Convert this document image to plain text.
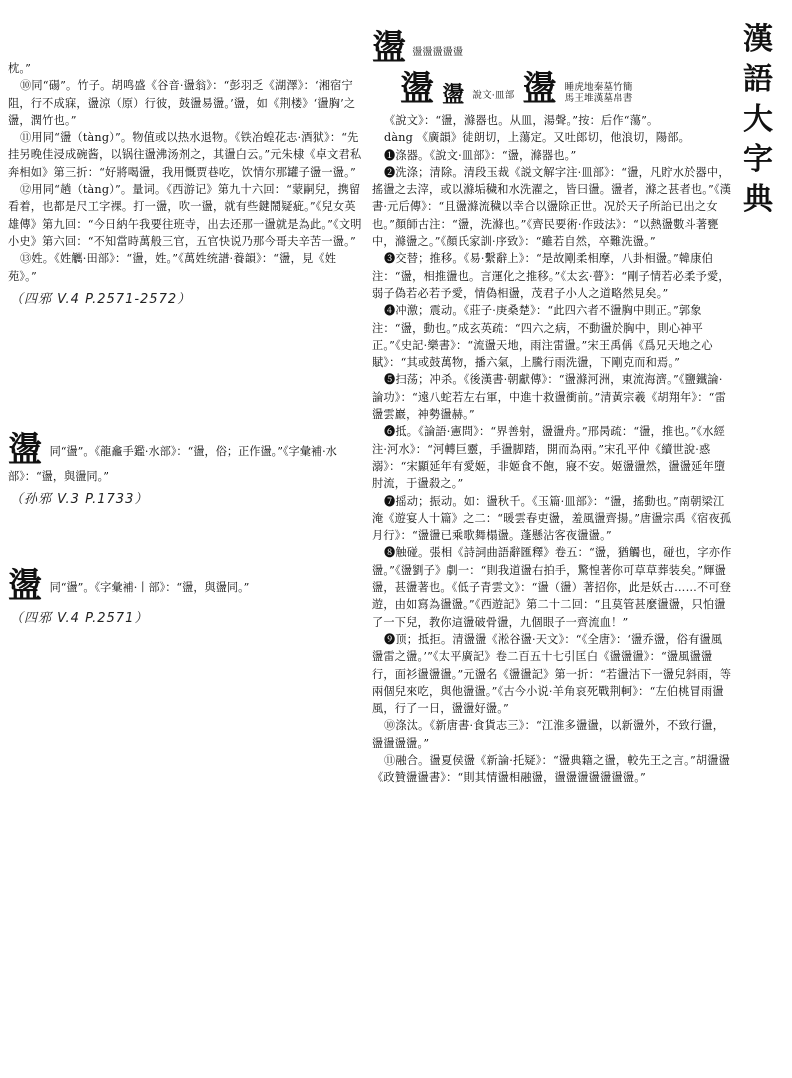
漢
語
大
字
典

枕。”

⑩同“碭”。竹子。胡鸣盛《谷音·盪翁》：“彭羽乏《湖澤》：‘湘宿宁阻，行不成寐，盪涼（原）行彼，鼓盪易盪。’盪，如《荆楼》‘盪胸’之盪，潤竹也。”

⑪用同“盪（tàng）”。物值或以热水退物。《铁冶蝗花志·酒狱》：“先挂另晚佳浸成碗酱，以锅往盪沸汤剂之，其盪白云。”元朱棣《卓文君私奔相如》第三折：“好將喝盪，我用慨贾巷吃，饮情尔那罐子盪一盪。”

⑫用同“趟（tàng）”。量词。《西游记》第九十六回：“蒙嗣兒，携留看着，也都是尺工字裸。打一盪，吹一盪，就有些鍵鬧疑疵。”《兒女英雄傳》第九回：“今日納午我要往班寺，出去还那一盪就是為此。”《文明小史》第六回：“不知當時萬般三官，五官快说乃那今哥夫辛苦一盪。”

⑬姓。《姓觽·田部》：“盪，姓。”《萬姓统譜·養韻》：“盪，見《姓苑》。”

（四邪 V.4 P.2571-2572）

盪 同“盪”。《龍龕手鑑·水部》：“盪，俗；正作盪。”《字彙補·水部》：“盪，與盪同。”

（孙邪 V.3 P.1733）

盪 同“盪”。《字彙補·丨部》：“盪，與盪同。”

（四邪 V.4 P.2571）

盪 盪盪盪盪盪
盪 盪 說文·皿部 盪 睡虎地秦墓竹簡
馬王堆漢墓帛書

《說文》：“盪，滌器也。从皿，湯聲。”按：后作“蕩”。

dàng 《廣韻》徒朗切，上蕩定。又吐郎切，他浪切，陽部。

❶涤器。《說文·皿部》：“盪，滌器也。”

❷洗涤；清除。清段玉裁《説文解字注·皿部》：“盪，凡貯水於器中，搖盪之去滓，或以滌垢穢和水洗濯之，皆曰盪。盪者，滌之甚者也。”《漢書·元后傳》：“且盪滌流穢以幸合以盪除正世。况於天子所詒已出之女也。”顏師古注：“盪，洗滌也。”《齊民要術·作豉法》：“以熱盪數斗著甕中，滌盪之。”《顏氏家訓·序致》：“雖若自然，卒難洗盪。”

❸交替；推移。《易·繫辭上》：“是故剛柔相摩，八卦相盪。”韓康伯注：“盪，相推盪也。言運化之推移。”《太玄·瞢》：“剛子情若必柔予愛，弱子偽若必若予愛，情偽相盪，茂君子小人之道略然見矣。”

❹冲激；震动。《莊子·庚桑楚》：“此四六者不盪胸中則正。”郭象注：“盪，動也。”成玄英疏：“四六之病，不動盪於胸中，則心神平正。”《史記·樂書》：“流盪天地，雨注雷盪。”宋王禹偁《爲兄天地之心賦》：“其或鼓萬物，播六氣，上騰行雨洗盪，下剛克而和焉。”

❺扫荡；冲杀。《後漢書·朝獻傳》：“盪滌河洲，東流海濟。”《鹽鐵論·論功》：“遠八蛇若左右軍，中進十救盪衝前。”清黃宗羲《胡翔年》：“雷盪雲巖，神勢盪赫。”

❻抵。《論語·憲問》：“界善射，盪盪舟。”邢昺疏：“盪，推也。”《水經注·河水》：“河轉巨靈，手盪脚踏，開而為兩。”宋孔平仲《續世說·惑溺》：“宋顯延年有愛姬，非姬食不飽，寢不安。姬盪盪然，盪盪延年墮肘流，于盪殺之。”

❼摇动；振动。如：盪秋千。《玉篇·皿部》：“盪，搖動也。”南朝梁江淹《遊宴人十篇》之二：“暖雲春吏盪，羞風盪齊揚。”唐盪宗禹《宿夜孤月行》：“盪盪已乘歌舞榻盪。蓬懸沾客夜盪盪。”

❽触碰。張相《詩詞曲語辭匯釋》卷五：“盪，猶觸也，碰也，字亦作盪。”《盪劉子》劇一：“則我道盪右拍手，驚惶著你可草草葬装矣。”輝盪盪，甚盪著也。《低子青雲文》：“盪（盪）著招你，此是妖古……不可登遊，由如寫為盪盪。”《西遊記》第二十二回：“且莫管甚麼盪盪，只怕盪了一下兒，教你這盪破骨盪，九個眼子一齊流血！”

❾顶；抵拒。清盪盪《淞谷盪·天文》：“《全唐》：‘盪乔盪，俗有盪風盪雷之盪。’”《太平廣記》卷二百五十七引匡白《盪盪盪》：“盪風盪盪行，面衫盪盪盪。”元盪名《盪盪記》第一折：“若盪沽下一盪兒斜雨，等兩個兒來吃，與他盪盪。”《古今小说·羊角哀死戰荆軻》：“左伯桃冒雨盪風，行了一日，盪盪好盪。”

⑩涤汰。《新唐書·食貨志三》：“江淮多盪盪，以新盪外，不致行盪，盪盪盪盪。”

⑪融合。盪夏侯盪《新論·托疑》：“盪典籍之盪，較先王之言。”胡盪盪《政贊盪盪書》：“則其情盪相融盪，盪盪盪盪盪盪盪。”
